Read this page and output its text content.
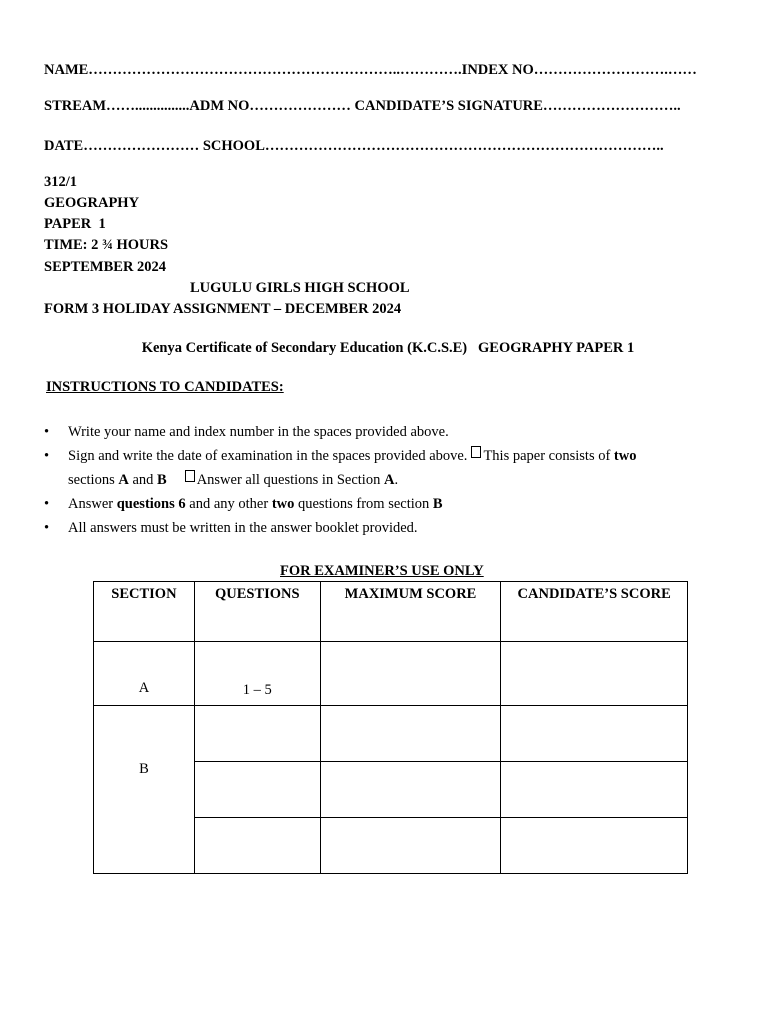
NAME………………………………………………………..………….INDEX NO……………………….……
STREAM……...............ADM NO………………… CANDIDATE’S SIGNATURE………………………..
DATE…………………… SCHOOL………………………………………………………………………..
312/1
GEOGRAPHY
PAPER  1
TIME: 2 ¾ HOURS
SEPTEMBER 2024
LUGULU GIRLS HIGH SCHOOL
FORM 3 HOLIDAY ASSIGNMENT – DECEMBER 2024
Kenya Certificate of Secondary Education (K.C.S.E)   GEOGRAPHY PAPER 1
INSTRUCTIONS TO CANDIDATES:
• Write your name and index number in the spaces provided above.
• Sign and write the date of examination in the spaces provided above. This paper consists of two
sections A and B Answer all questions in Section A.
• Answer questions 6 and any other two questions from section B
• All answers must be written in the answer booklet provided.
FOR EXAMINER’S USE ONLY
SECTION	QUESTIONS	MAXIMUM SCORE	CANDIDATE’S SCORE
A	1 – 5		
B			
